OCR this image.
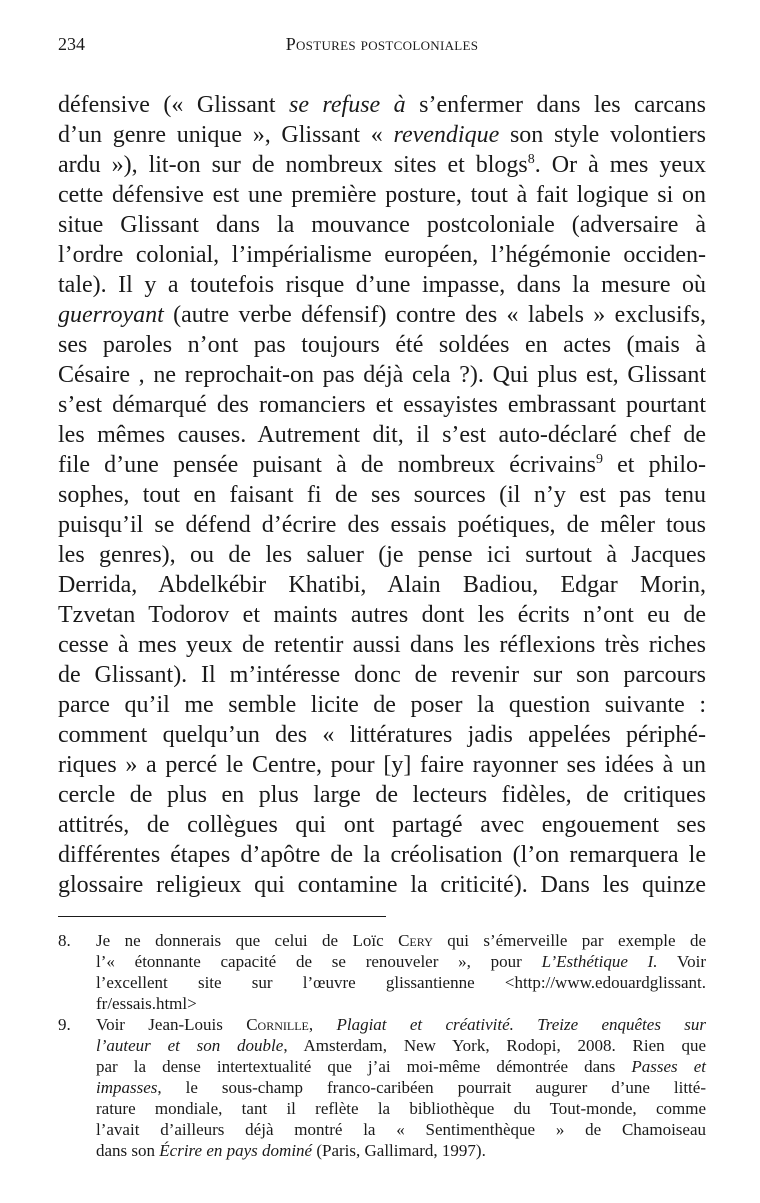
234	Postures postcoloniales
défensive (« Glissant se refuse à s’enfermer dans les carcans
d’un genre unique », Glissant « revendique son style volontiers
ardu »), lit-on sur de nombreux sites et blogs$^8$. Or à mes yeux
cette défensive est une première posture, tout à fait logique si on
situe Glissant dans la mouvance postcoloniale (adversaire à
l’ordre colonial, l’impérialisme européen, l’hégémonie occiden-
tale). Il y a toutefois risque d’une impasse, dans la mesure où
guerroyant (autre verbe défensif) contre des « labels » exclusifs,
ses paroles n’ont pas toujours été soldées en actes (mais à
Césaire , ne reprochait-on pas déjà cela ?). Qui plus est, Glissant
s’est démarqué des romanciers et essayistes embrassant pourtant
les mêmes causes. Autrement dit, il s’est auto-déclaré chef de
file d’une pensée puisant à de nombreux écrivains$^9$ et philo-
sophes, tout en faisant fi de ses sources (il n’y est pas tenu
puisqu’il se défend d’écrire des essais poétiques, de mêler tous
les genres), ou de les saluer (je pense ici surtout à Jacques
Derrida, Abdelkébir Khatibi, Alain Badiou, Edgar Morin,
Tzvetan Todorov et maints autres dont les écrits n’ont eu de
cesse à mes yeux de retentir aussi dans les réflexions très riches
de Glissant). Il m’intéresse donc de revenir sur son parcours
parce qu’il me semble licite de poser la question suivante :
comment quelqu’un des « littératures jadis appelées périphé-
riques » a percé le Centre, pour [y] faire rayonner ses idées à un
cercle de plus en plus large de lecteurs fidèles, de critiques
attitrés, de collègues qui ont partagé avec engouement ses
différentes étapes d’apôtre de la créolisation (l’on remarquera le
glossaire religieux qui contamine la criticité). Dans les quinze
8. Je ne donnerais que celui de Loïc Cery qui s’émerveille par exemple de
l’« étonnante capacité de se renouveler », pour L’Esthétique I. Voir
l’excellent site sur l’œuvre glissantienne <http://www.edouardglissant.
fr/essais.html>
9. Voir Jean-Louis Cornille, Plagiat et créativité. Treize enquêtes sur
l’auteur et son double, Amsterdam, New York, Rodopi, 2008. Rien que
par la dense intertextualité que j’ai moi-même démontrée dans Passes et
impasses, le sous-champ franco-caribéen pourrait augurer d’une litté-
rature mondiale, tant il reflète la bibliothèque du Tout-monde, comme
l’avait d’ailleurs déjà montré la « Sentimenthèque » de Chamoiseau
dans son Écrire en pays dominé (Paris, Gallimard, 1997).
